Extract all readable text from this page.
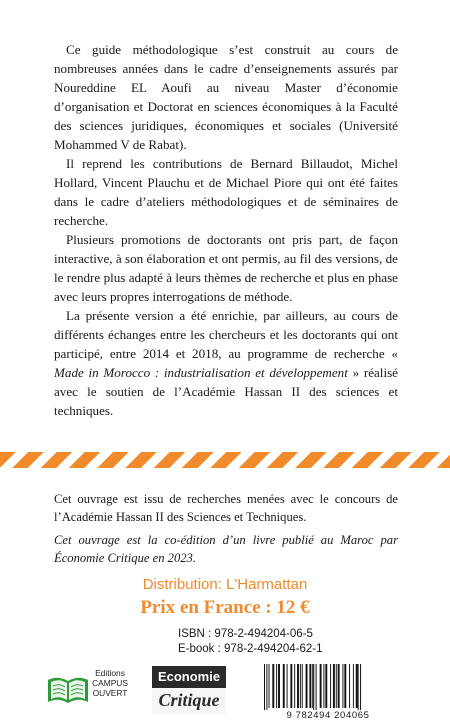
Ce guide méthodologique s’est construit au cours de nombreuses années dans le cadre d’enseignements assurés par Noureddine EL Aoufi au niveau Master d’économie d’organisation et Doctorat en sciences économiques à la Faculté des sciences juridiques, économiques et sociales (Université Mohammed V de Rabat).

Il reprend les contributions de Bernard Billaudot, Michel Hollard, Vincent Plauchu et de Michael Piore qui ont été faites dans le cadre d’ateliers méthodologiques et de séminaires de recherche.

Plusieurs promotions de doctorants ont pris part, de façon interactive, à son élaboration et ont permis, au fil des versions, de le rendre plus adapté à leurs thèmes de recherche et plus en phase avec leurs propres interrogations de méthode.

La présente version a été enrichie, par ailleurs, au cours de différents échanges entre les chercheurs et les doctorants qui ont participé, entre 2014 et 2018, au programme de recherche « Made in Morocco : industrialisation et développement » réalisé avec le soutien de l’Académie Hassan II des sciences et techniques.

Cet ouvrage est issu de recherches menées avec le concours de l’Académie Hassan II des Sciences et Techniques.
Cet ouvrage est la co-édition d’un livre publié au Maroc par Économie Critique en 2023.
Distribution: L'Harmattan
Prix en France : 12 €
ISBN : 978-2-494204-06-5
E-book : 978-2-494204-62-1
Editions
CAMPUS
OUVERT
Economie
Critique
9 782494 204065
